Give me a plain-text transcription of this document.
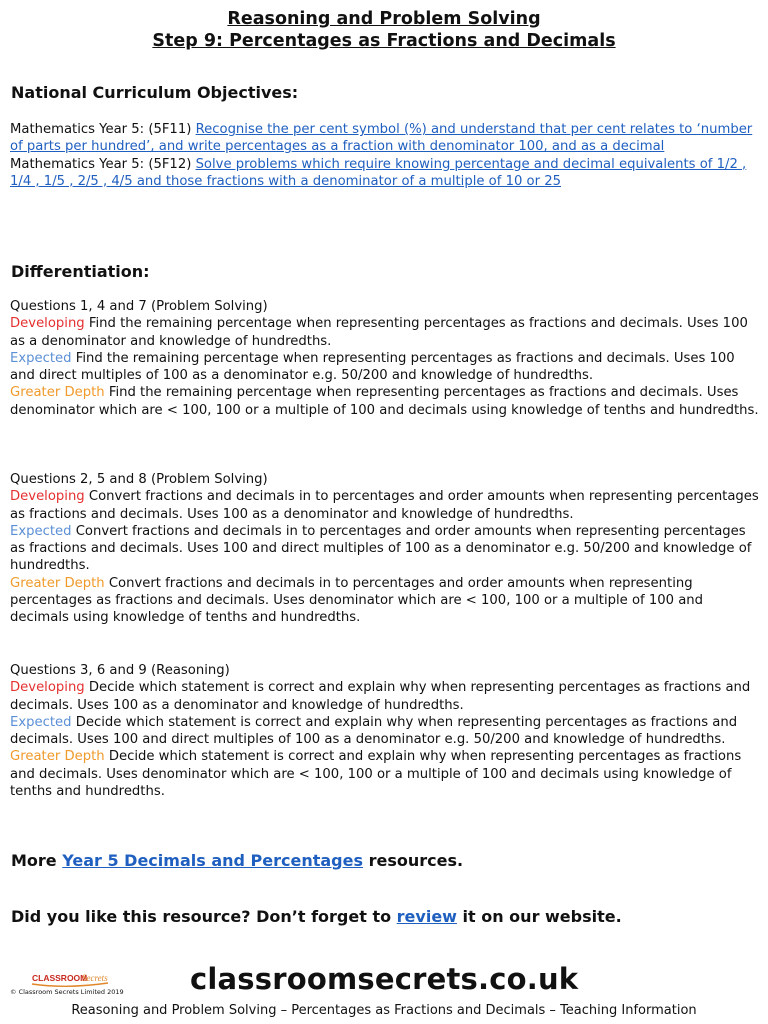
Reasoning and Problem Solving
Step 9: Percentages as Fractions and Decimals
National Curriculum Objectives:

Mathematics Year 5: (5F11) Recognise the per cent symbol (%) and understand that per cent relates to ‘number of parts per hundred’, and write percentages as a fraction with denominator 100, and as a decimal

Mathematics Year 5: (5F12) Solve problems which require knowing percentage and decimal equivalents of 1/2 , 1/4 , 1/5 , 2/5 , 4/5 and those fractions with a denominator of a multiple of 10 or 25

Differentiation:

Questions 1, 4 and 7 (Problem Solving)

Developing Find the remaining percentage when representing percentages as fractions and decimals. Uses 100 as a denominator and knowledge of hundredths.

Expected Find the remaining percentage when representing percentages as fractions and decimals. Uses 100 and direct multiples of 100 as a denominator e.g. 50/200 and knowledge of hundredths.

Greater Depth Find the remaining percentage when representing percentages as fractions and decimals. Uses denominator which are < 100, 100 or a multiple of 100 and decimals using knowledge of tenths and hundredths.

Questions 2, 5 and 8 (Problem Solving)

Developing Convert fractions and decimals in to percentages and order amounts when representing percentages as fractions and decimals. Uses 100 as a denominator and knowledge of hundredths.

Expected Convert fractions and decimals in to percentages and order amounts when representing percentages as fractions and decimals. Uses 100 and direct multiples of 100 as a denominator e.g. 50/200 and knowledge of hundredths.

Greater Depth Convert fractions and decimals in to percentages and order amounts when representing percentages as fractions and decimals. Uses denominator which are < 100, 100 or a multiple of 100 and decimals using knowledge of tenths and hundredths.

Questions 3, 6 and 9 (Reasoning)

Developing Decide which statement is correct and explain why when representing percentages as fractions and decimals. Uses 100 as a denominator and knowledge of hundredths.

Expected Decide which statement is correct and explain why when representing percentages as fractions and decimals. Uses 100 and direct multiples of 100 as a denominator e.g. 50/200 and knowledge of hundredths.

Greater Depth Decide which statement is correct and explain why when representing percentages as fractions and decimals. Uses denominator which are < 100, 100 or a multiple of 100 and decimals using knowledge of tenths and hundredths.

More Year 5 Decimals and Percentages resources.
Did you like this resource? Don’t forget to review it on our website.
CLASSROOM
Secrets
© Classroom Secrets Limited 2019 classroomsecrets.co.uk
Reasoning and Problem Solving – Percentages as Fractions and Decimals – Teaching Information
